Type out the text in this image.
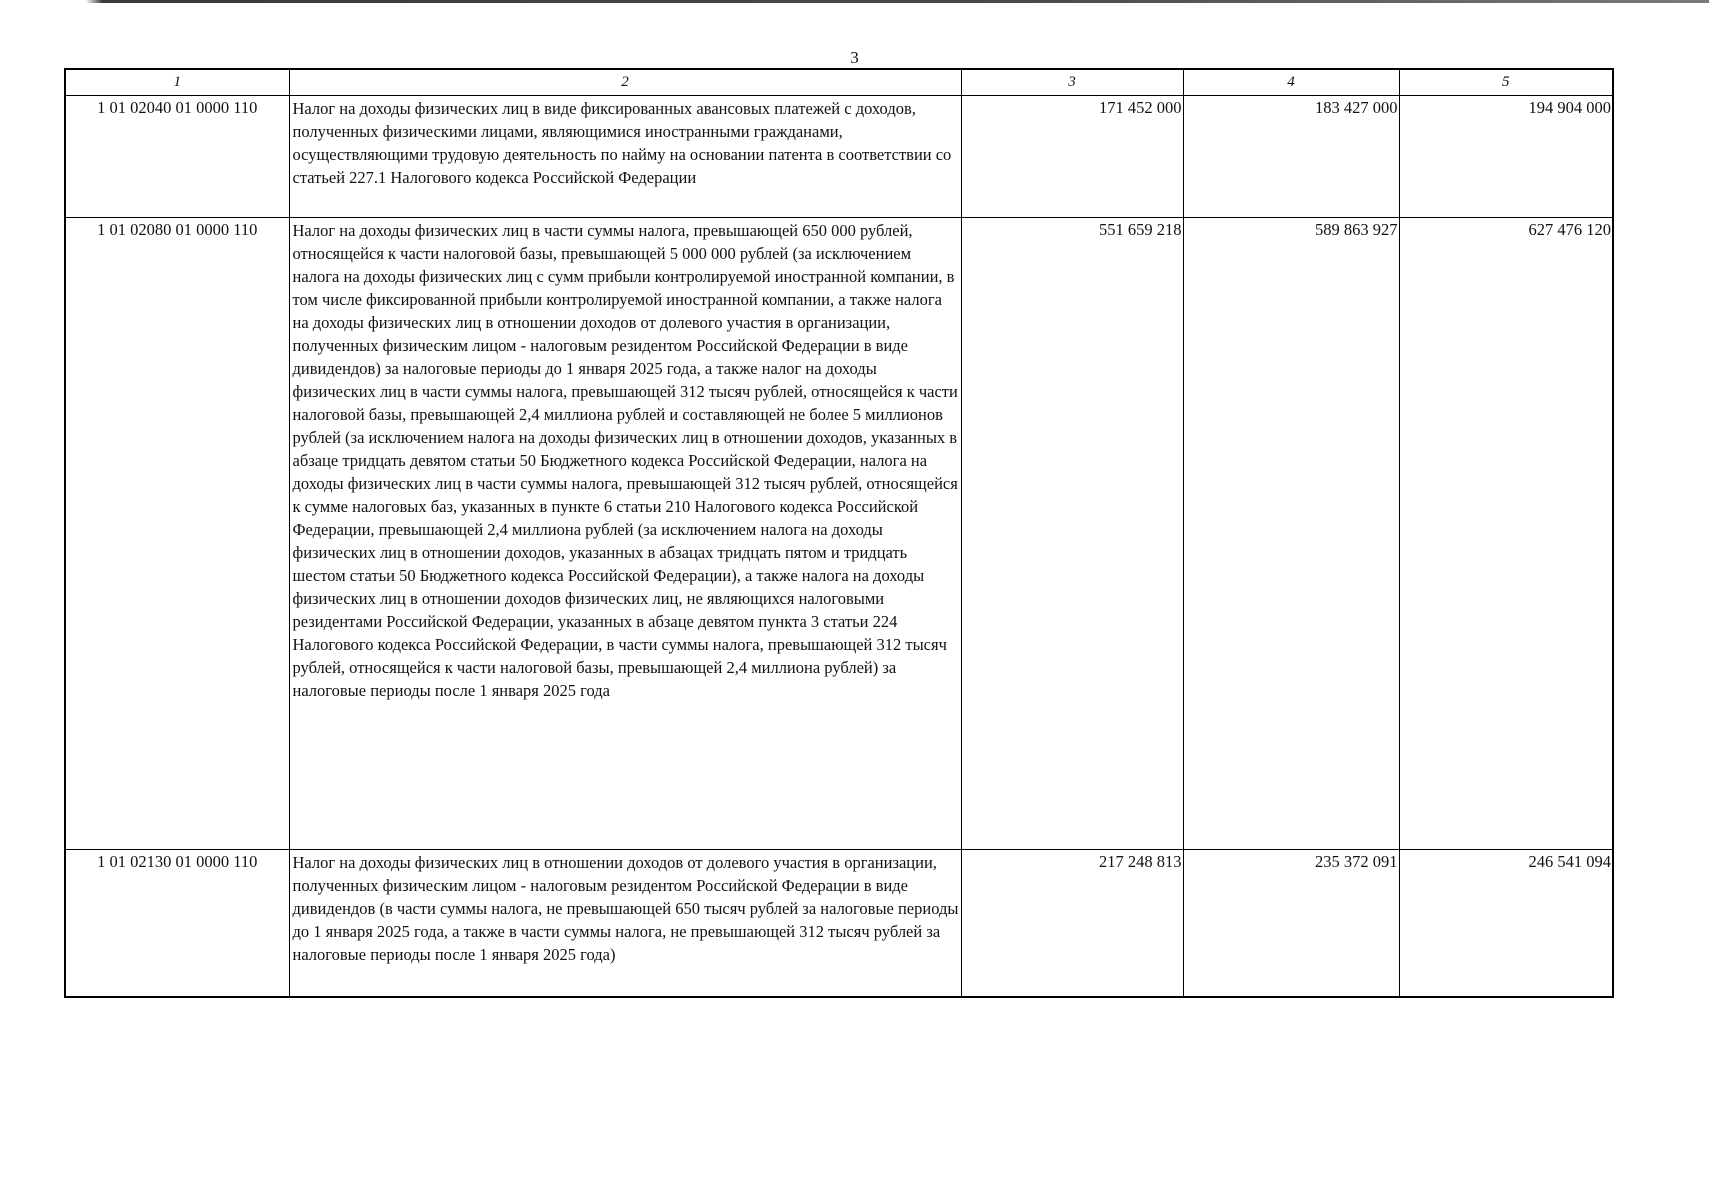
3
1	2	3	4	5
1 01 02040 01 0000 110	Налог на доходы физических лиц в виде фиксированных авансовых платежей с доходов, полученных физическими лицами, являющимися иностранными гражданами, осуществляющими трудовую деятельность по найму на основании патента в соответствии со статьей 227.1 Налогового кодекса Российской Федерации	171 452 000	183 427 000	194 904 000
1 01 02080 01 0000 110	Налог на доходы физических лиц в части суммы налога, превышающей 650 000 рублей, относящейся к части налоговой базы, превышающей 5 000 000 рублей (за исключением налога на доходы физических лиц с сумм прибыли контролируемой иностранной компании, в том числе фиксированной прибыли контролируемой иностранной компании, а также налога на доходы физических лиц в отношении доходов от долевого участия в организации, полученных физическим лицом - налоговым резидентом Российской Федерации в виде дивидендов) за налоговые периоды до 1 января 2025 года, а также налог на доходы физических лиц в части суммы налога, превышающей 312 тысяч рублей, относящейся к части налоговой базы, превышающей 2,4 миллиона рублей и составляющей не более 5 миллионов рублей (за исключением налога на доходы физических лиц в отношении доходов, указанных в абзаце тридцать девятом статьи 50 Бюджетного кодекса Российской Федерации, налога на доходы физических лиц в части суммы налога, превышающей 312 тысяч рублей, относящейся к сумме налоговых баз, указанных в пункте 6 статьи 210 Налогового кодекса Российской Федерации, превышающей 2,4 миллиона рублей (за исключением налога на доходы физических лиц в отношении доходов, указанных в абзацах тридцать пятом и тридцать шестом статьи 50 Бюджетного кодекса Российской Федерации), а также налога на доходы физических лиц в отношении доходов физических лиц, не являющихся налоговыми резидентами Российской Федерации, указанных в абзаце девятом пункта 3 статьи 224 Налогового кодекса Российской Федерации, в части суммы налога, превышающей 312 тысяч рублей, относящейся к части налоговой базы, превышающей 2,4 миллиона рублей) за налоговые периоды после 1 января 2025 года	551 659 218	589 863 927	627 476 120
1 01 02130 01 0000 110	Налог на доходы физических лиц в отношении доходов от долевого участия в организации, полученных физическим лицом - налоговым резидентом Российской Федерации в виде дивидендов (в части суммы налога, не превышающей 650 тысяч рублей за налоговые периоды до 1 января 2025 года, а также в части суммы налога, не превышающей 312 тысяч рублей за налоговые периоды после 1 января 2025 года)	217 248 813	235 372 091	246 541 094
